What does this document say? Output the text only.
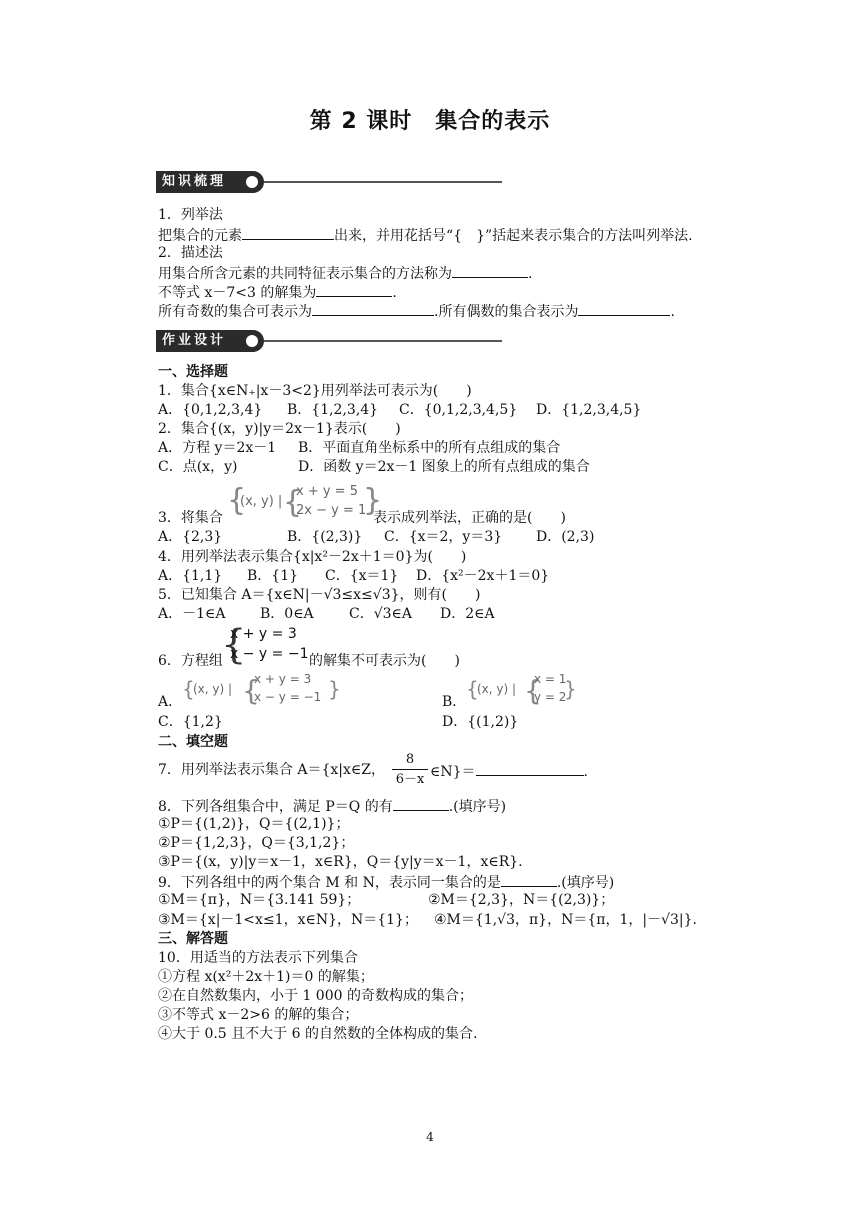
第 2 课时　集合的表示
知识梳理
1．列举法
把集合的元素	出来，并用花括号“{　}”括起来表示集合的方法叫列举法.
2．描述法
用集合所含元素的共同特征表示集合的方法称为	.
不等式 x－7<3 的解集为	.
所有奇数的集合可表示为	.所有偶数的集合表示为	.
作业设计
一、选择题
1．集合{x∈N₊|x－3<2}用列举法可表示为(　　)
A．{0,1,2,3,4} B．{1,2,3,4} C．{0,1,2,3,4,5} D．{1,2,3,4,5}
2．集合{(x，y)|y＝2x－1}表示(　　)
A．方程 y＝2x－1 B．平面直角坐标系中的所有点组成的集合
C．点(x，y)	D．函数 y＝2x－1 图象上的所有点组成的集合
3．将集合 {	}
{
(x, y) |
x + y = 5
2x − y = 1 表示成列举法，正确的是(　　)
A．{2,3}	B．{(2,3)} C．{x＝2，y＝3} D．(2,3)
4．用列举法表示集合{x|x²－2x＋1＝0}为(　　)
A．{1,1} B．{1} C．{x＝1} D．{x²－2x＋1＝0}
5．已知集合 A＝{x∈N|－√3≤x≤√3}，则有(　　)
A．－1∈A B．0∈A	C．√3∈A D．2∈A
6．方程组
{
x + y = 3
x − y = −1 的解集不可表示为(　　)
A．
{ {	}
(x, y) |
x + y = 3
x − y = −1	B．
{ { }
(x, y) |
x = 1
y = 2
C．{1,2}	D．{(1,2)}
二、填空题
7．用列举法表示集合 A＝{x|x∈Z，
8
6－x ∈N}＝	.
8．下列各组集合中，满足 P＝Q 的有	.(填序号)
①P＝{(1,2)}，Q＝{(2,1)}；
②P＝{1,2,3}，Q＝{3,1,2}；
③P＝{(x，y)|y＝x－1，x∈R}，Q＝{y|y＝x－1，x∈R}.
9．下列各组中的两个集合 M 和 N，表示同一集合的是	.(填序号)
①M＝{π}，N＝{3.141 59}；	②M＝{2,3}，N＝{(2,3)}；
③M＝{x|－1<x≤1，x∈N}，N＝{1}； ④M＝{1,√3，π}，N＝{π，1，|－√3|}.
三、解答题
10．用适当的方法表示下列集合
①方程 x(x²＋2x＋1)＝0 的解集；
②在自然数集内，小于 1 000 的奇数构成的集合；
③不等式 x－2>6 的解的集合；
④大于 0.5 且不大于 6 的自然数的全体构成的集合.
4
